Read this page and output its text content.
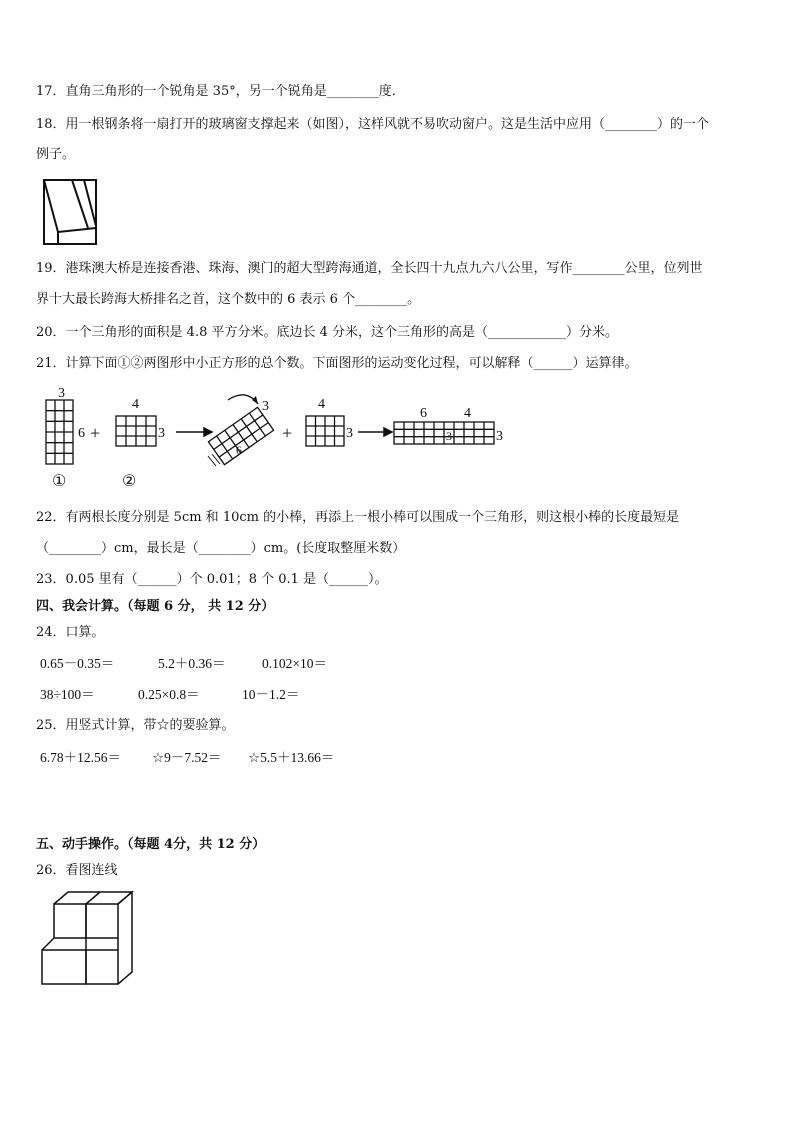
17．直角三角形的一个锐角是 35°，另一个锐角是________度．
18．用一根钢条将一扇打开的玻璃窗支撑起来（如图），这样风就不易吹动窗户。这是生活中应用（________）的一个
例子。
19．港珠澳大桥是连接香港、珠海、澳门的超大型跨海通道，全长四十九点九六八公里，写作________公里，位列世
界十大最长跨海大桥排名之首，这个数中的 6 表示 6 个________。
20．一个三角形的面积是 4.8 平方分米。底边长 4 分米，这个三角形的高是（____________）分米。
21．计算下面①②两图形中小正方形的总个数。下面图形的运动变化过程，可以解释（______）运算律。
3
6 +
4
3
3
6
+
4
3
6	4
3	3
①	②
22．有两根长度分别是 5cm 和 10cm 的小棒，再添上一根小棒可以围成一个三角形，则这根小棒的长度最短是
（________）cm，最长是（________）cm。(长度取整厘米数）
23．0.05 里有（______）个 0.01；8 个 0.1 是（______）。
四、我会计算。（每题 6 分， 共 12 分）
24．口算。
0.65－0.35＝	5.2＋0.36＝	0.102×10＝
38÷100＝	0.25×0.8＝	10－1.2＝
25．用竖式计算，带☆的要验算。
6.78＋12.56＝ ☆9－7.52＝ ☆5.5＋13.66＝
五、动手操作。（每题 4分，共 12 分）
26．看图连线
